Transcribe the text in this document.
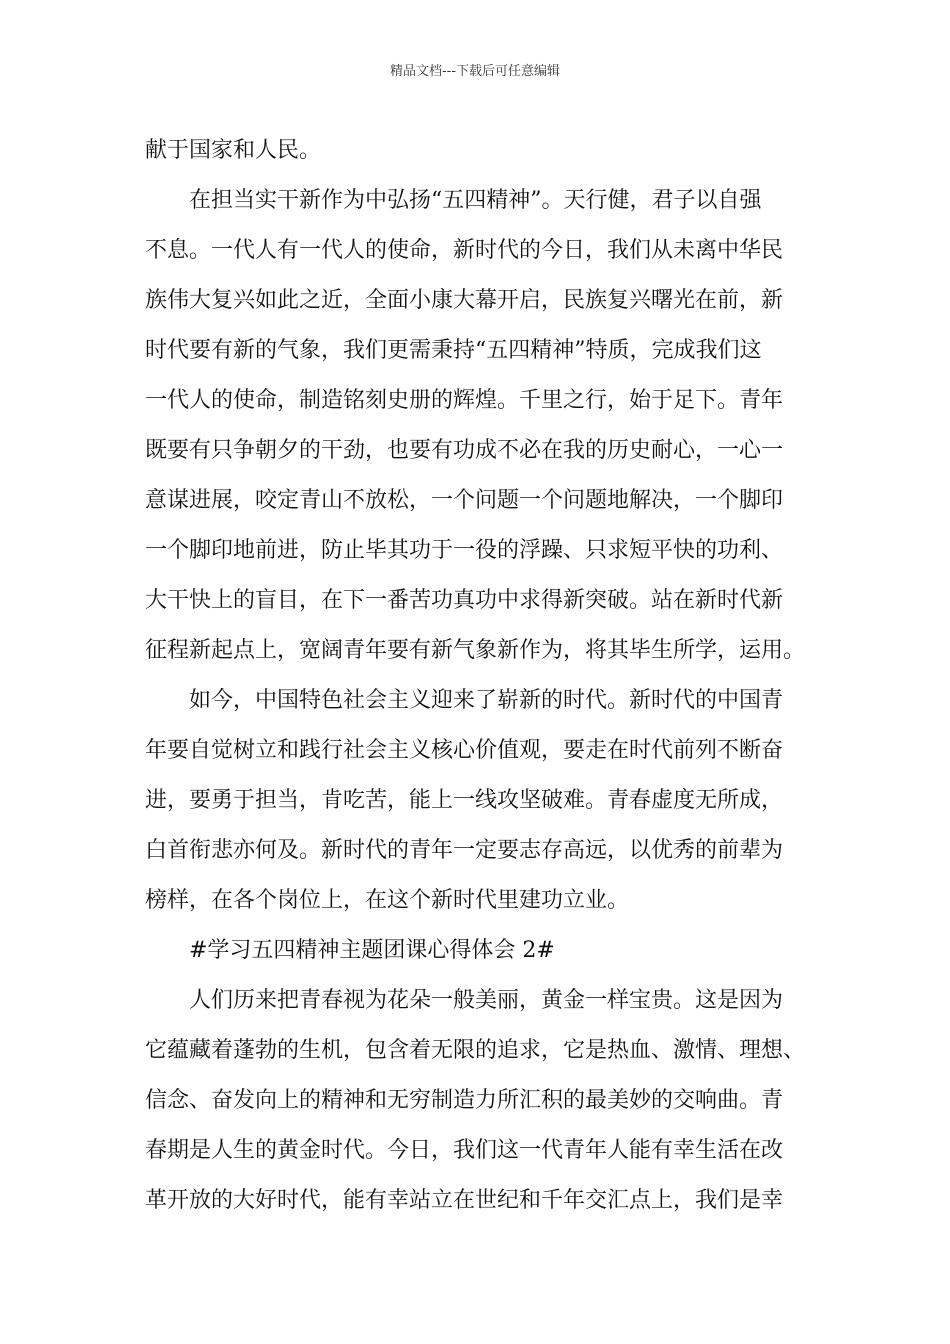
精品文档---下载后可任意编辑
献于国家和人民。
在担当实干新作为中弘扬“五四精神”。天行健，君子以自强
不息。一代人有一代人的使命，新时代的今日，我们从未离中华民
族伟大复兴如此之近，全面小康大幕开启，民族复兴曙光在前，新
时代要有新的气象，我们更需秉持“五四精神”特质，完成我们这
一代人的使命，制造铭刻史册的辉煌。千里之行，始于足下。青年
既要有只争朝夕的干劲，也要有功成不必在我的历史耐心，一心一
意谋进展，咬定青山不放松，一个问题一个问题地解决，一个脚印
一个脚印地前进，防止毕其功于一役的浮躁、只求短平快的功利、
大干快上的盲目，在下一番苦功真功中求得新突破。站在新时代新
征程新起点上，宽阔青年要有新气象新作为，将其毕生所学，运用。
如今，中国特色社会主义迎来了崭新的时代。新时代的中国青
年要自觉树立和践行社会主义核心价值观，要走在时代前列不断奋
进，要勇于担当，肯吃苦，能上一线攻坚破难。青春虚度无所成，
白首衔悲亦何及。新时代的青年一定要志存高远，以优秀的前辈为
榜样，在各个岗位上，在这个新时代里建功立业。
#学习五四精神主题团课心得体会 2#
人们历来把青春视为花朵一般美丽，黄金一样宝贵。这是因为
它蕴藏着蓬勃的生机，包含着无限的追求，它是热血、激情、理想、
信念、奋发向上的精神和无穷制造力所汇积的最美妙的交响曲。青
春期是人生的黄金时代。今日，我们这一代青年人能有幸生活在改
革开放的大好时代，能有幸站立在世纪和千年交汇点上，我们是幸
